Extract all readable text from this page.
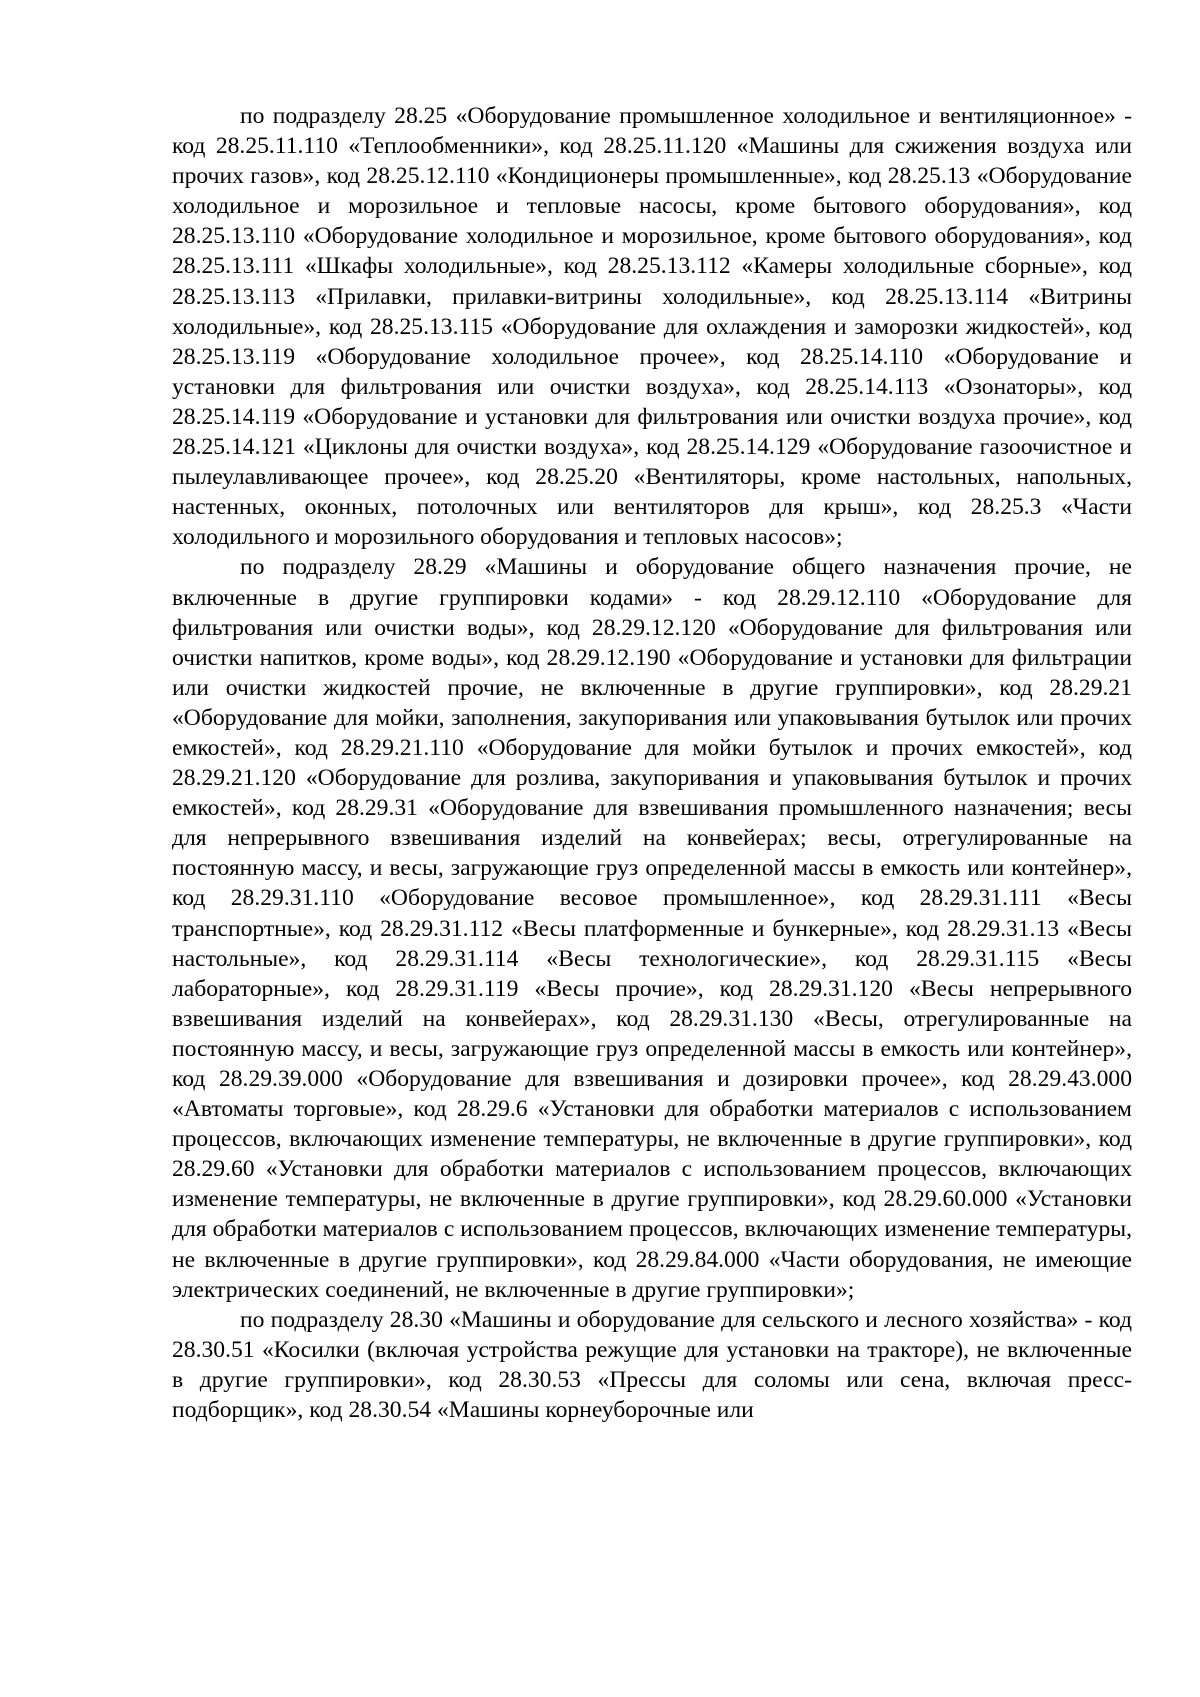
по подразделу 28.25 «Оборудование промышленное холодильное и вентиляционное» - код 28.25.11.110 «Теплообменники», код 28.25.11.120 «Машины для сжижения воздуха или прочих газов», код 28.25.12.110 «Кондиционеры промышленные», код 28.25.13 «Оборудование холодильное и морозильное и тепловые насосы, кроме бытового оборудования», код 28.25.13.110 «Оборудование холодильное и морозильное, кроме бытового оборудования», код 28.25.13.111 «Шкафы холодильные», код 28.25.13.112 «Камеры холодильные сборные», код 28.25.13.113 «Прилавки, прилавки-витрины холодильные», код 28.25.13.114 «Витрины холодильные», код 28.25.13.115 «Оборудование для охлаждения и заморозки жидкостей», код 28.25.13.119 «Оборудование холодильное прочее», код 28.25.14.110 «Оборудование и установки для фильтрования или очистки воздуха», код 28.25.14.113 «Озонаторы», код 28.25.14.119 «Оборудование и установки для фильтрования или очистки воздуха прочие», код 28.25.14.121 «Циклоны для очистки воздуха», код 28.25.14.129 «Оборудование газоочистное и пылеулавливающее прочее», код 28.25.20 «Вентиляторы, кроме настольных, напольных, настенных, оконных, потолочных или вентиляторов для крыш», код 28.25.3 «Части холодильного и морозильного оборудования и тепловых насосов»;

по подразделу 28.29 «Машины и оборудование общего назначения прочие, не включенные в другие группировки кодами» - код 28.29.12.110 «Оборудование для фильтрования или очистки воды», код 28.29.12.120 «Оборудование для фильтрования или очистки напитков, кроме воды», код 28.29.12.190 «Оборудование и установки для фильтрации или очистки жидкостей прочие, не включенные в другие группировки», код 28.29.21 «Оборудование для мойки, заполнения, закупоривания или упаковывания бутылок или прочих емкостей», код 28.29.21.110 «Оборудование для мойки бутылок и прочих емкостей», код 28.29.21.120 «Оборудование для розлива, закупоривания и упаковывания бутылок и прочих емкостей», код 28.29.31 «Оборудование для взвешивания промышленного назначения; весы для непрерывного взвешивания изделий на конвейерах; весы, отрегулированные на постоянную массу, и весы, загружающие груз определенной массы в емкость или контейнер», код 28.29.31.110 «Оборудование весовое промышленное», код 28.29.31.111 «Весы транспортные», код 28.29.31.112 «Весы платформенные и бункерные», код 28.29.31.13 «Весы настольные», код 28.29.31.114 «Весы технологические», код 28.29.31.115 «Весы лабораторные», код 28.29.31.119 «Весы прочие», код 28.29.31.120 «Весы непрерывного взвешивания изделий на конвейерах», код 28.29.31.130 «Весы, отрегулированные на постоянную массу, и весы, загружающие груз определенной массы в емкость или контейнер», код 28.29.39.000 «Оборудование для взвешивания и дозировки прочее», код 28.29.43.000 «Автоматы торговые», код 28.29.6 «Установки для обработки материалов с использованием процессов, включающих изменение температуры, не включенные в другие группировки», код 28.29.60 «Установки для обработки материалов с использованием процессов, включающих изменение температуры, не включенные в другие группировки», код 28.29.60.000 «Установки для обработки материалов с использованием процессов, включающих изменение температуры, не включенные в другие группировки», код 28.29.84.000 «Части оборудования, не имеющие электрических соединений, не включенные в другие группировки»;

по подразделу 28.30 «Машины и оборудование для сельского и лесного хозяйства» - код 28.30.51 «Косилки (включая устройства режущие для установки на тракторе), не включенные в другие группировки», код 28.30.53 «Прессы для соломы или сена, включая пресс-подборщик», код 28.30.54 «Машины корнеуборочные или
